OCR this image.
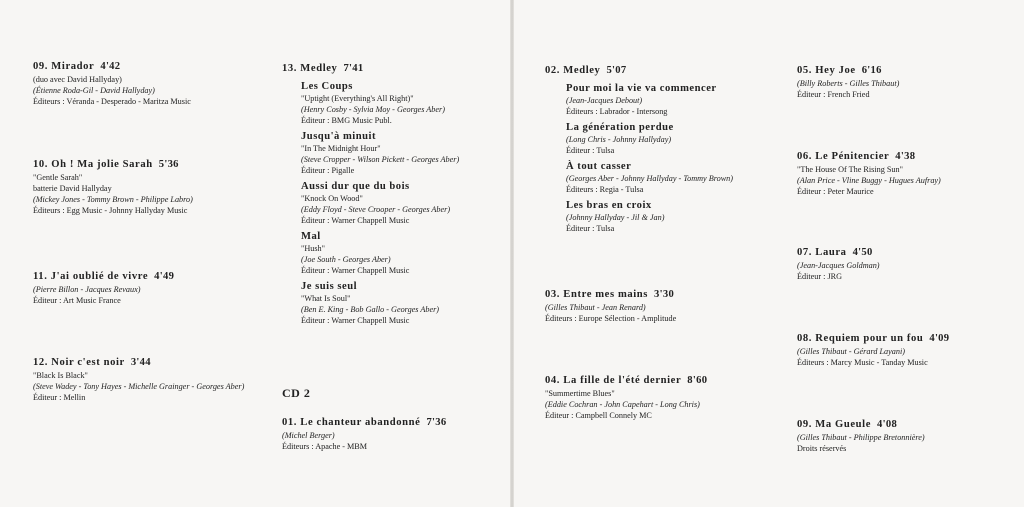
09. Mirador 4'42
(duo avec David Hallyday)
(Étienne Roda-Gil - David Hallyday)
Éditeurs : Véranda - Desperado - Maritza Music
10. Oh ! Ma jolie Sarah 5'36
"Gentle Sarah"
batterie David Hallyday
(Mickey Jones - Tommy Brown - Philippe Labro)
Éditeurs : Egg Music - Johnny Hallyday Music
11. J'ai oublié de vivre 4'49
(Pierre Billon - Jacques Revaux)
Éditeur : Art Music France
12. Noir c'est noir 3'44
"Black Is Black"
(Steve Wadey - Tony Hayes - Michelle Grainger - Georges Aber)
Éditeur : Mellin
13. Medley 7'41
Les Coups
"Uptight (Everything's All Right)"
(Henry Cosby - Sylvia Moy - Georges Aber)
Éditeur : BMG Music Publ.
Jusqu'à minuit
"In The Midnight Hour"
(Steve Cropper - Wilson Pickett - Georges Aber)
Éditeur : Pigalle
Aussi dur que du bois
"Knock On Wood"
(Eddy Floyd - Steve Crooper - Georges Aber)
Éditeur : Warner Chappell Music
Mal
"Hush"
(Joe South - Georges Aber)
Éditeur : Warner Chappell Music
Je suis seul
"What Is Soul"
(Ben E. King - Bob Gallo - Georges Aber)
Éditeur : Warner Chappell Music
CD 2
01. Le chanteur abandonné 7'36
(Michel Berger)
Éditeurs : Apache - MBM
02. Medley 5'07
Pour moi la vie va commencer
(Jean-Jacques Debout)
Éditeurs : Labrador - Intersong
La génération perdue
(Long Chris - Johnny Hallyday)
Éditeur : Tulsa
À tout casser
(Georges Aber - Johnny Hallyday - Tommy Brown)
Éditeurs : Regia - Tulsa
Les bras en croix
(Johnny Hallyday - Jil & Jan)
Éditeur : Tulsa
03. Entre mes mains 3'30
(Gilles Thibaut - Jean Renard)
Éditeurs : Europe Sélection - Amplitude
04. La fille de l'été dernier 8'60
"Summertime Blues"
(Eddie Cochran - John Capehart - Long Chris)
Éditeur : Campbell Connely MC
05. Hey Joe 6'16
(Billy Roberts - Gilles Thibaut)
Éditeur : French Fried
06. Le Pénitencier 4'38
"The House Of The Rising Sun"
(Alan Price - Vline Buggy - Hugues Aufray)
Éditeur : Peter Maurice
07. Laura 4'50
(Jean-Jacques Goldman)
Éditeur : JRG
08. Requiem pour un fou 4'09
(Gilles Thibaut - Gérard Layani)
Éditeurs : Marcy Music - Tanday Music
09. Ma Gueule 4'08
(Gilles Thibaut - Philippe Bretonnière)
Droits réservés
